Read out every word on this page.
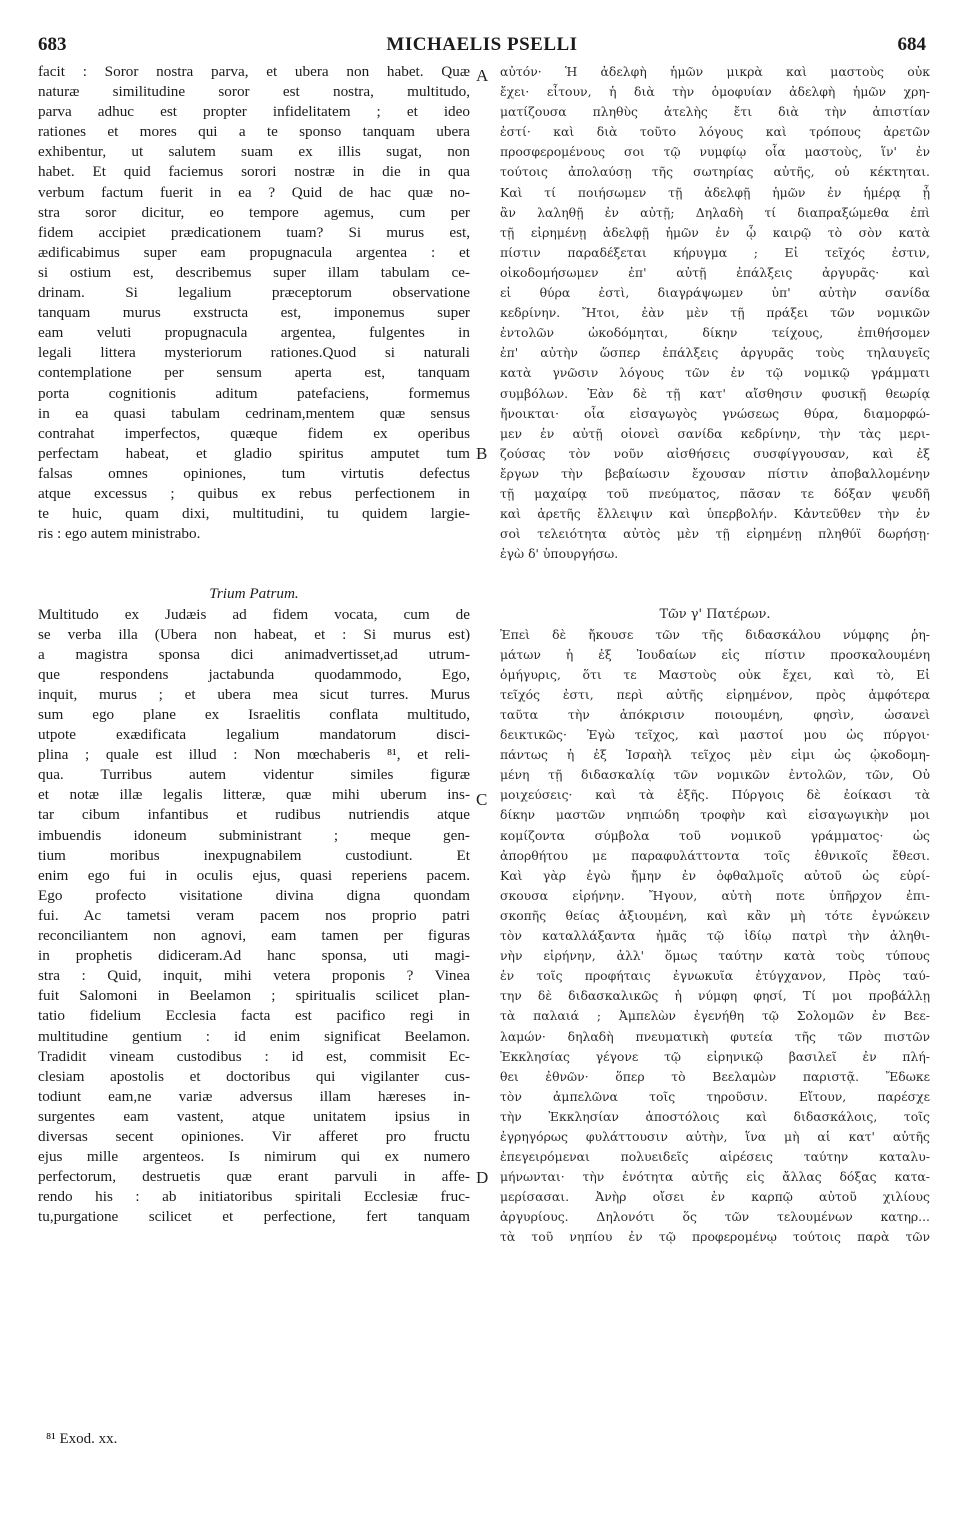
683	MICHAELIS PSELLI	684
facit : Soror nostra parva, et ubera non habet. Quæ
naturæ similitudine soror est nostra, multitudo,
parva adhuc est propter infidelitatem ; et ideo
rationes et mores qui a te sponso tanquam ubera
exhibentur, ut salutem suam ex illis sugat, non
habet. Et quid faciemus sorori nostræ in die in qua
verbum factum fuerit in ea ? Quid de hac quæ no-
stra soror dicitur, eo tempore agemus, cum per
fidem accipiet prædicationem tuam? Si murus est,
ædificabimus super eam propugnacula argentea : et
si ostium est, describemus super illam tabulam ce-
drinam. Si legalium præceptorum observatione
tanquam murus exstructa est, imponemus super
eam veluti propugnacula argentea, fulgentes in
legali littera mysteriorum rationes.Quod si naturali
contemplatione per sensum aperta est, tanquam
porta cognitionis aditum patefaciens, formemus
in ea quasi tabulam cedrinam,mentem quæ sensus
contrahat imperfectos, quæque fidem ex operibus
perfectam habeat, et gladio spiritus amputet tum
falsas omnes opiniones, tum virtutis defectus
atque excessus ; quibus ex rebus perfectionem in
te huic, quam dixi, multitudini, tu quidem largie-
ris : ego autem ministrabo.
Trium Patrum.
Multitudo ex Judæis ad fidem vocata, cum de
se verba illa (Ubera non habeat, et : Si murus est)
a magistra sponsa dici animadvertisset,ad utrum-
que respondens jactabunda quodammodo, Ego,
inquit, murus ; et ubera mea sicut turres. Murus
sum ego plane ex Israelitis conflata multitudo,
utpote exædificata legalium mandatorum disci-
plina ; quale est illud : Non mœchaberis ⁸¹, et reli-
qua. Turribus autem videntur similes figuræ
et notæ illæ legalis litteræ, quæ mihi uberum ins-
tar cibum infantibus et rudibus nutriendis atque
imbuendis idoneum subministrant ; meque gen-
tium moribus inexpugnabilem custodiunt. Et
enim ego fui in oculis ejus, quasi reperiens pacem.
Ego profecto visitatione divina digna quondam
fui. Ac tametsi veram pacem nos proprio patri
reconciliantem non agnovi, eam tamen per figuras
in prophetis didiceram.Ad hanc sponsa, uti magi-
stra : Quid, inquit, mihi vetera proponis ? Vinea
fuit Salomoni in Beelamon ; spiritualis scilicet plan-
tatio fidelium Ecclesia facta est pacifico regi in
multitudine gentium : id enim significat Beelamon.
Tradidit vineam custodibus : id est, commisit Ec-
clesiam apostolis et doctoribus qui vigilanter cus-
todiunt eam,ne variæ adversus illam hæreses in-
surgentes eam vastent, atque unitatem ipsius in
diversas secent opiniones. Vir afferet pro fructu
ejus mille argenteos. Is nimirum qui ex numero
perfectorum, destruetis quæ erant parvuli in affe-
rendo his : ab initiatoribus spiritali Ecclesiæ fruc-
tu,purgatione scilicet et perfectione, fert tanquam
αὐτόν· Ἡ ἀδελφὴ ἡμῶν μικρὰ καὶ μαστοὺς οὐκ
ἔχει· εἶτουν, ἡ διὰ τὴν ὁμοφυίαν ἀδελφὴ ἡμῶν χρη-
ματίζουσα πληθὺς ἀτελὴς ἔτι διὰ τὴν ἀπιστίαν
ἐστί· καὶ διὰ τοῦτο λόγους καὶ τρόπους ἀρετῶν
προσφερομένους σοι τῷ νυμφίῳ οἷα μαστοὺς, ἵν' ἐν
τούτοις ἀπολαύσῃ τῆς σωτηρίας αὐτῆς, οὐ κέκτηται.
Καὶ τί ποιήσωμεν τῇ ἀδελφῇ ἡμῶν ἐν ἡμέρᾳ ᾗ
ἂν λαληθῇ ἐν αὐτῇ; Δηλαδὴ τί διαπραξώμεθα ἐπὶ
τῇ εἰρημένῃ ἀδελφῇ ἡμῶν ἐν ᾧ καιρῷ τὸ σὸν κατὰ
πίστιν παραδέξεται κήρυγμα ; Εἰ τεῖχός ἐστιν,
οἰκοδομήσωμεν ἐπ' αὐτῇ ἐπάλξεις ἀργυρᾶς· καὶ
εἰ θύρα ἐστὶ, διαγράψωμεν ὑπ' αὐτὴν σανίδα
κεδρίνην. Ἤτοι, ἐὰν μὲν τῇ πράξει τῶν νομικῶν
ἐντολῶν ὠκοδόμηται, δίκην τείχους, ἐπιθήσομεν
ἐπ' αὐτὴν ὥσπερ ἐπάλξεις ἀργυρᾶς τοὺς τηλαυγεῖς
κατὰ γνῶσιν λόγους τῶν ἐν τῷ νομικῷ γράμματι
συμβόλων. Ἐὰν δὲ τῇ κατ' αἴσθησιν φυσικῇ θεωρίᾳ
ἤνοικται· οἷα εἰσαγωγὸς γνώσεως θύρα, διαμορφώ-
μεν ἐν αὐτῇ οἱονεὶ σανίδα κεδρίνην, τὴν τὰς μερι-
ζούσας τὸν νοῦν αἰσθήσεις συσφίγγουσαν, καὶ ἐξ
ἔργων τὴν βεβαίωσιν ἔχουσαν πίστιν ἀποβαλλομένην
τῇ μαχαίρᾳ τοῦ πνεύματος, πᾶσαν τε δόξαν ψευδῆ
καὶ ἀρετῆς ἔλλειψιν καὶ ὑπερβολήν. Κἀντεῦθεν τὴν ἐν
σοὶ τελειότητα αὐτὸς μὲν τῇ εἰρημένῃ πληθύϊ δωρήσῃ·
ἐγὼ δ' ὑπουργήσω.
Τῶν γ' Πατέρων.
Ἐπεὶ δὲ ἤκουσε τῶν τῆς διδασκάλου νύμφης ῥη-
μάτων ἡ ἐξ Ἰουδαίων εἰς πίστιν προσκαλουμένη
ὁμήγυρις, ὅτι τε Μαστοὺς οὐκ ἔχει, καὶ τὸ, Εἰ
τεῖχός ἐστι, περὶ αὐτῆς εἰρημένον, πρὸς ἀμφότερα
ταῦτα τὴν ἀπόκρισιν ποιουμένη, φησὶν, ὡσανεὶ
δεικτικῶς· Ἐγὼ τεῖχος, καὶ μαστοί μου ὡς πύργοι·
πάντως ἡ ἐξ Ἰσραὴλ τεῖχος μὲν εἰμι ὡς ᾠκοδομη-
μένη τῇ διδασκαλίᾳ τῶν νομικῶν ἐντολῶν, τῶν, Οὐ
μοιχεύσεις· καὶ τὰ ἑξῆς. Πύργοις δὲ ἐοίκασι τὰ
δίκην μαστῶν νηπιώδη τροφὴν καὶ εἰσαγωγικὴν μοι
κομίζοντα σύμβολα τοῦ νομικοῦ γράμματος· ὡς
ἀπορθήτου με παραφυλάττοντα τοῖς ἐθνικοῖς ἔθεσι.
Καὶ γὰρ ἐγὼ ἤμην ἐν ὀφθαλμοῖς αὐτοῦ ὡς εὑρί-
σκουσα εἰρήνην. Ἤγουν, αὐτὴ ποτε ὑπῆρχον ἐπι-
σκοπῆς θείας ἀξιουμένη, καὶ κἂν μὴ τότε ἐγνώκειν
τὸν καταλλάξαντα ἡμᾶς τῷ ἰδίῳ πατρὶ τὴν ἀληθι-
νὴν εἰρήνην, ἀλλ' ὅμως ταύτην κατὰ τοὺς τύπους
ἐν τοῖς προφήταις ἐγνωκυῖα ἐτύγχανον, Πρὸς ταύ-
την δὲ διδασκαλικῶς ἡ νύμφη φησί, Τί μοι προβάλλῃ
τὰ παλαιά ; Ἀμπελὼν ἐγενήθη τῷ Σολομῶν ἐν Βεε-
λαμών· δηλαδὴ πνευματικὴ φυτεία τῆς τῶν πιστῶν
Ἐκκλησίας γέγονε τῷ εἰρηνικῷ βασιλεῖ ἐν πλή-
θει ἐθνῶν· ὅπερ τὸ Βεελαμὼν παριστᾷ. Ἔδωκε
τὸν ἀμπελῶνα τοῖς τηροῦσιν. Εἴτουν, παρέσχε
τὴν Ἐκκλησίαν ἀποστόλοις καὶ διδασκάλοις, τοῖς
ἐγρηγόρως φυλάττουσιν αὐτὴν, ἵνα μὴ αἱ κατ' αὐτῆς
ἐπεγειρόμεναι πολυειδεῖς αἱρέσεις ταύτην καταλυ-
μήνωνται· τὴν ἑνότητα αὐτῆς εἰς ἄλλας δόξας κατα-
μερίσασαι. Ἀνὴρ οἴσει ἐν καρπῷ αὐτοῦ χιλίους
ἀργυρίους. Δηλονότι ὅς τῶν τελουμένων κατηρ...
τὰ τοῦ νηπίου ἐν τῷ προφερομένῳ τούτοις παρὰ τῶν
A
B
C
D
⁸¹ Exod. xx.
